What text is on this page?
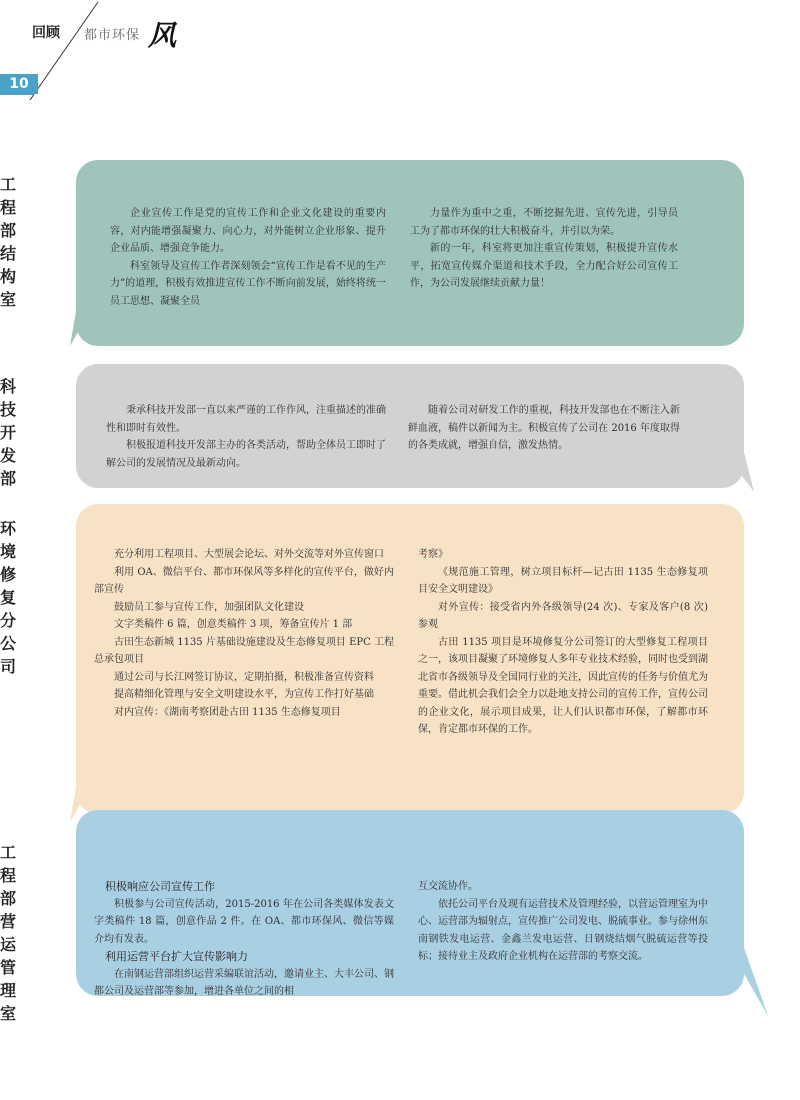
回顾 都市环保 风
10
工程部结构室

企业宣传工作是党的宣传工作和企业文化建设的重要内容，对内能增强凝聚力、向心力，对外能树立企业形象、提升企业品质、增强竞争能力。

科室领导及宣传工作者深刻领会“宣传工作是看不见的生产力”的道理，积极有效推进宣传工作不断向前发展，始终将统一员工思想、凝聚全员

力量作为重中之重，不断挖掘先进、宣传先进，引导员工为了都市环保的壮大积极奋斗，并引以为荣。

新的一年，科室将更加注重宣传策划，积极提升宣传水平，拓宽宣传媒介渠道和技术手段，全力配合好公司宣传工作，为公司发展继续贡献力量！

科技开发部

秉承科技开发部一直以来严谨的工作作风，注重描述的准确性和即时有效性。

积极报道科技开发部主办的各类活动，帮助全体员工即时了解公司的发展情况及最新动向。

随着公司对研发工作的重视，科技开发部也在不断注入新鲜血液，稿件以新闻为主。积极宣传了公司在 2016 年度取得的各类成就，增强自信，激发热情。

环境修复分公司

充分利用工程项目、大型展会论坛、对外交流等对外宣传窗口

利用 OA、微信平台、都市环保风等多样化的宣传平台，做好内部宣传

鼓励员工参与宣传工作，加强团队文化建设

文字类稿件 6 篇，创意类稿件 3 项，筹备宣传片 1 部

古田生态新城 1135 片基础设施建设及生态修复项目 EPC 工程总承包项目

通过公司与长江网签订协议，定期拍摄，积极准备宣传资料

提高精细化管理与安全文明建设水平，为宣传工作打好基础

对内宣传：《湖南考察团赴古田 1135 生态修复项目

考察》

《规范施工管理，树立项目标杆—记古田 1135 生态修复项目安全文明建设》

对外宣传：接受省内外各级领导(24 次)、专家及客户(8 次)参观

古田 1135 项目是环境修复分公司签订的大型修复工程项目之一，该项目凝聚了环境修复人多年专业技术经验，同时也受到湖北省市各级领导及全国同行业的关注，因此宣传的任务与价值尤为重要。借此机会我们会全力以赴地支持公司的宣传工作，宣传公司的企业文化，展示项目成果，让人们认识都市环保，了解都市环保，肯定都市环保的工作。

工程部营运管理室

积极响应公司宣传工作

积极参与公司宣传活动，2015-2016 年在公司各类媒体发表文字类稿件 18 篇，创意作品 2 件。在 OA、都市环保风、微信等媒介均有发表。

利用运营平台扩大宣传影响力

在南钢运营部组织运营采编联谊活动，邀请业主、大丰公司、钢都公司及运营部等参加，增进各单位之间的相

互交流协作。

依托公司平台及现有运营技术及管理经验，以营运管理室为中心、运营部为辐射点，宣传推广公司发电、脱硫事业。参与徐州东南钢铁发电运营、金鑫兰发电运营、日钢烧结烟气脱硫运营等投标；接待业主及政府企业机构在运营部的考察交流。
